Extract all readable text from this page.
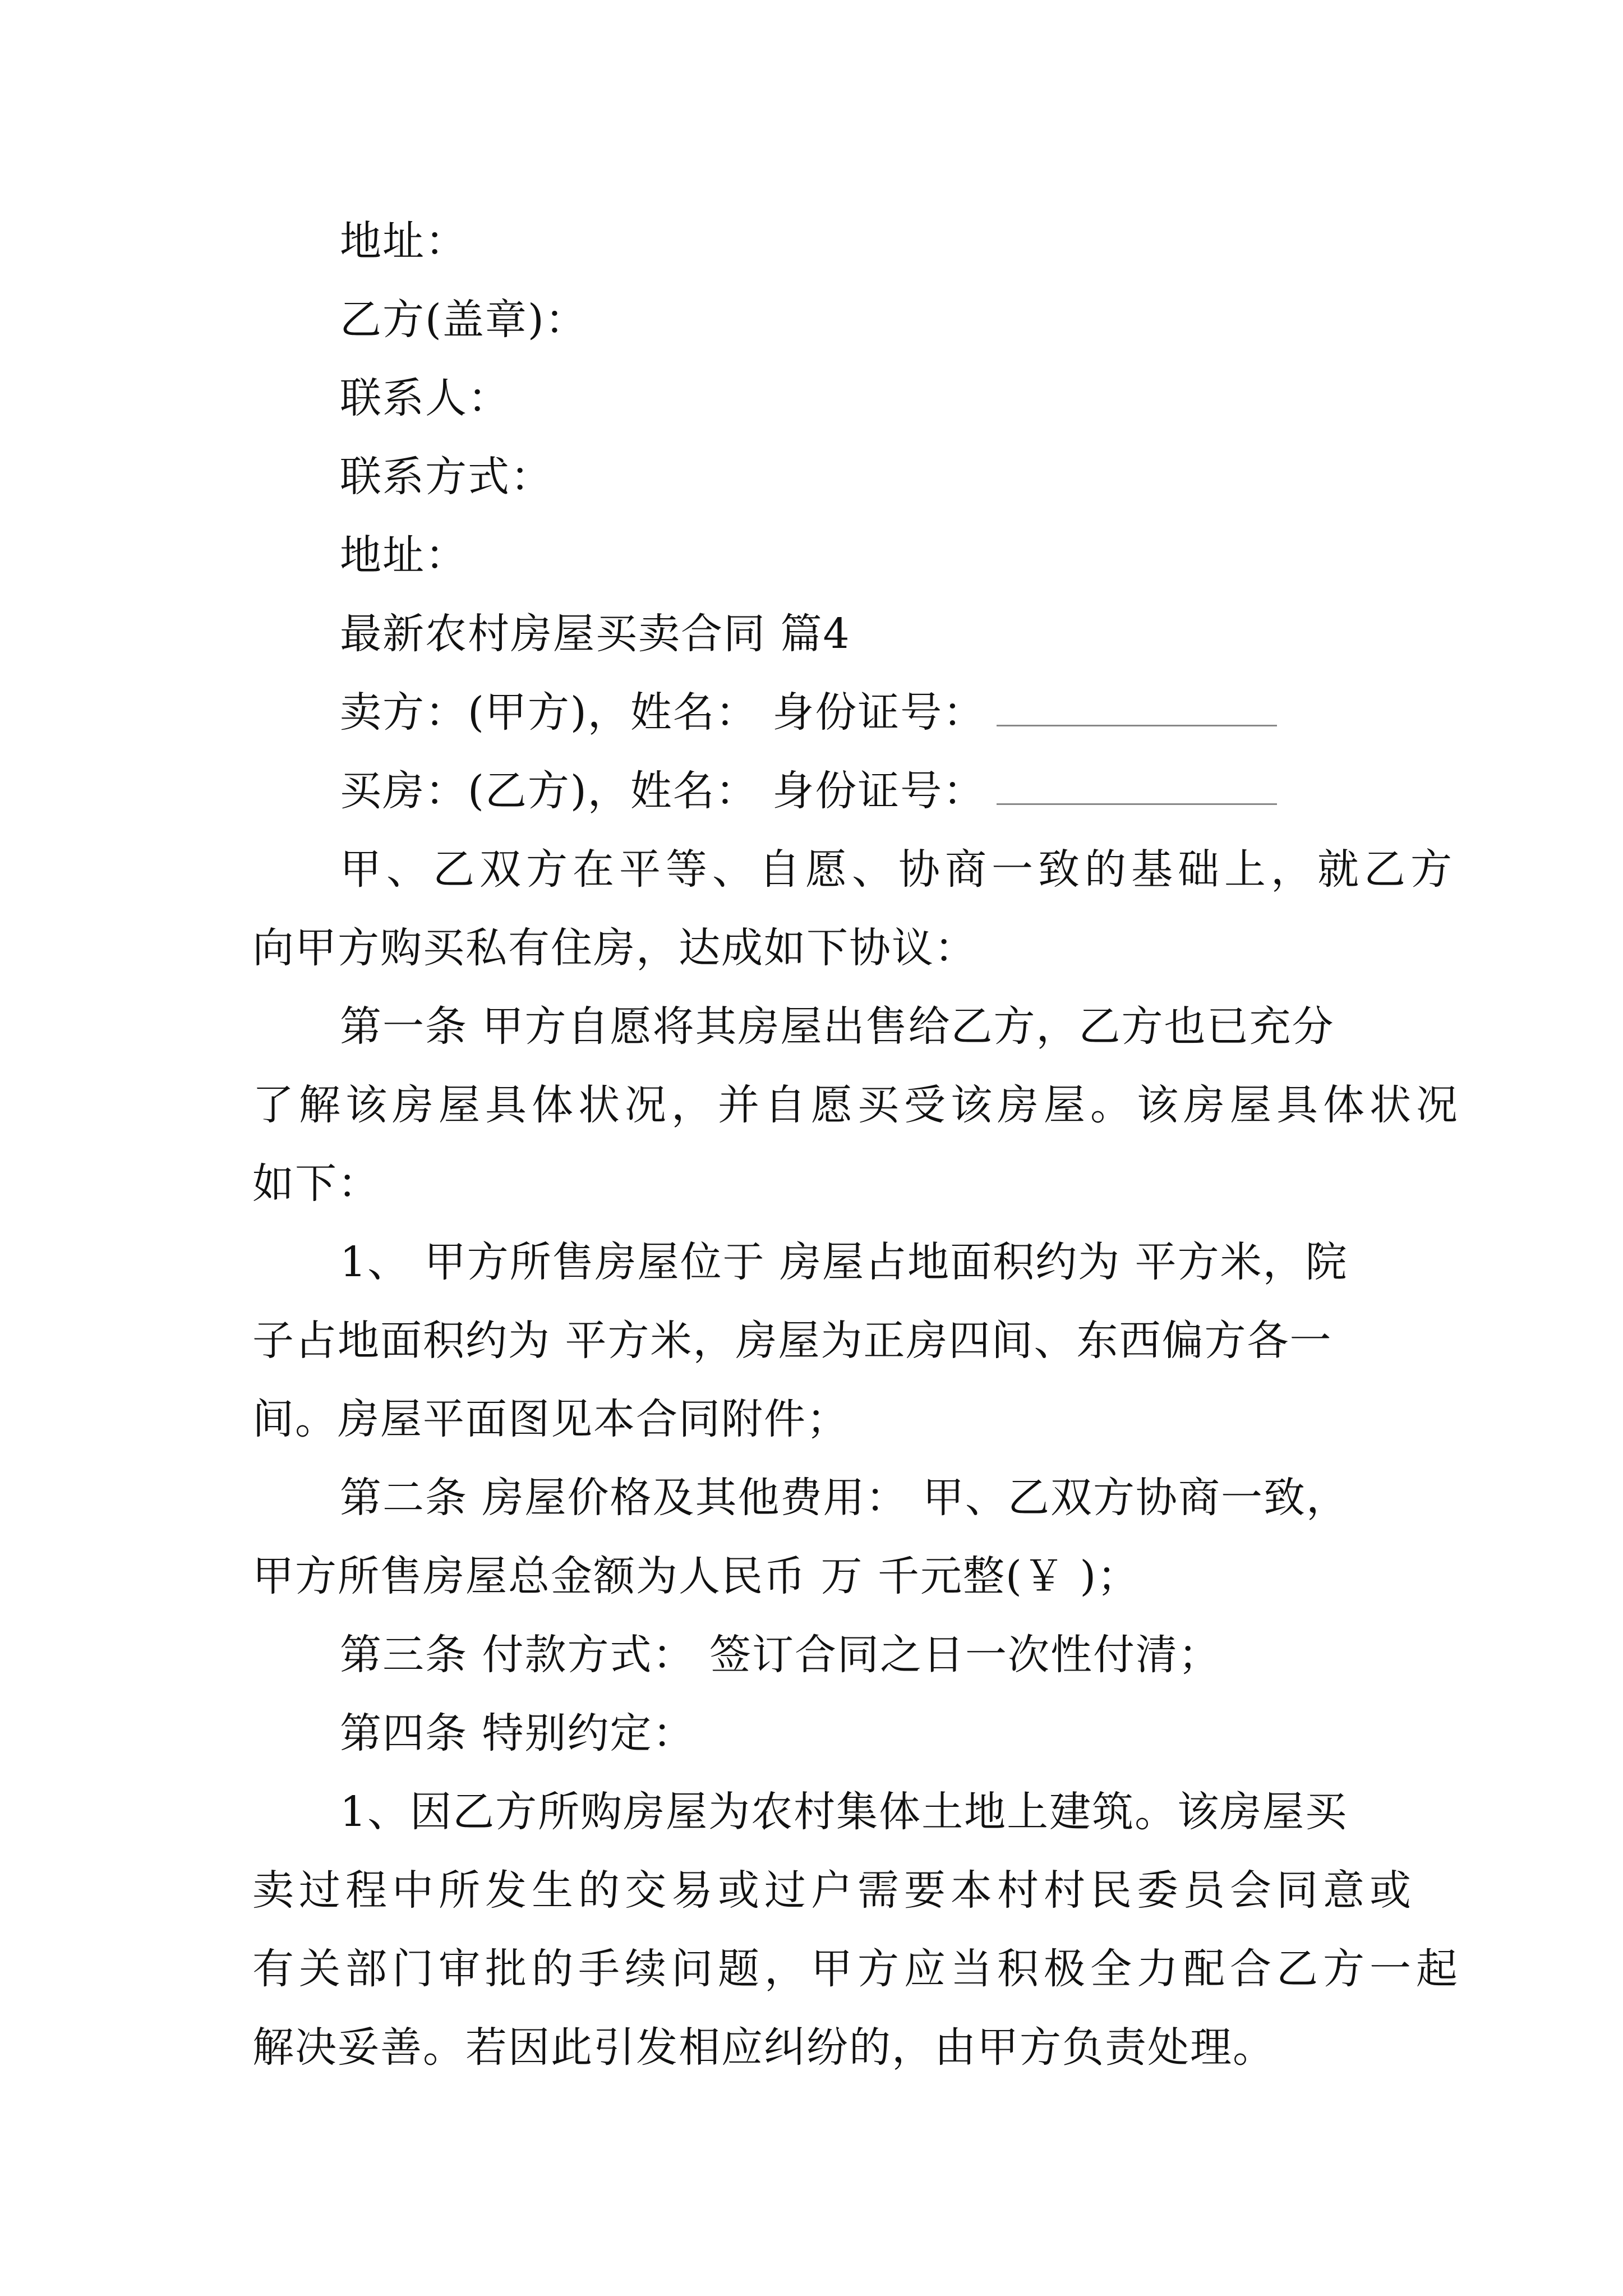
地址：
乙方(盖章)：
联系人：
联系方式：
地址：
最新农村房屋买卖合同 篇4
卖方：(甲方)，姓名： 身份证号：
买房：(乙方)，姓名： 身份证号：
甲、乙双方在平等、自愿、协商一致的基础上，就乙方
向甲方购买私有住房，达成如下协议：
第一条 甲方自愿将其房屋出售给乙方，乙方也已充分
了解该房屋具体状况，并自愿买受该房屋。该房屋具体状况
如下：
1、 甲方所售房屋位于 房屋占地面积约为 平方米，院
子占地面积约为 平方米，房屋为正房四间、东西偏方各一
间。房屋平面图见本合同附件；
第二条 房屋价格及其他费用： 甲、乙双方协商一致，
甲方所售房屋总金额为人民币 万 千元整(￥ )；
第三条 付款方式： 签订合同之日一次性付清；
第四条 特别约定：
1、因乙方所购房屋为农村集体土地上建筑。该房屋买
卖过程中所发生的交易或过户需要本村村民委员会同意或
有关部门审批的手续问题，甲方应当积极全力配合乙方一起
解决妥善。若因此引发相应纠纷的，由甲方负责处理。
